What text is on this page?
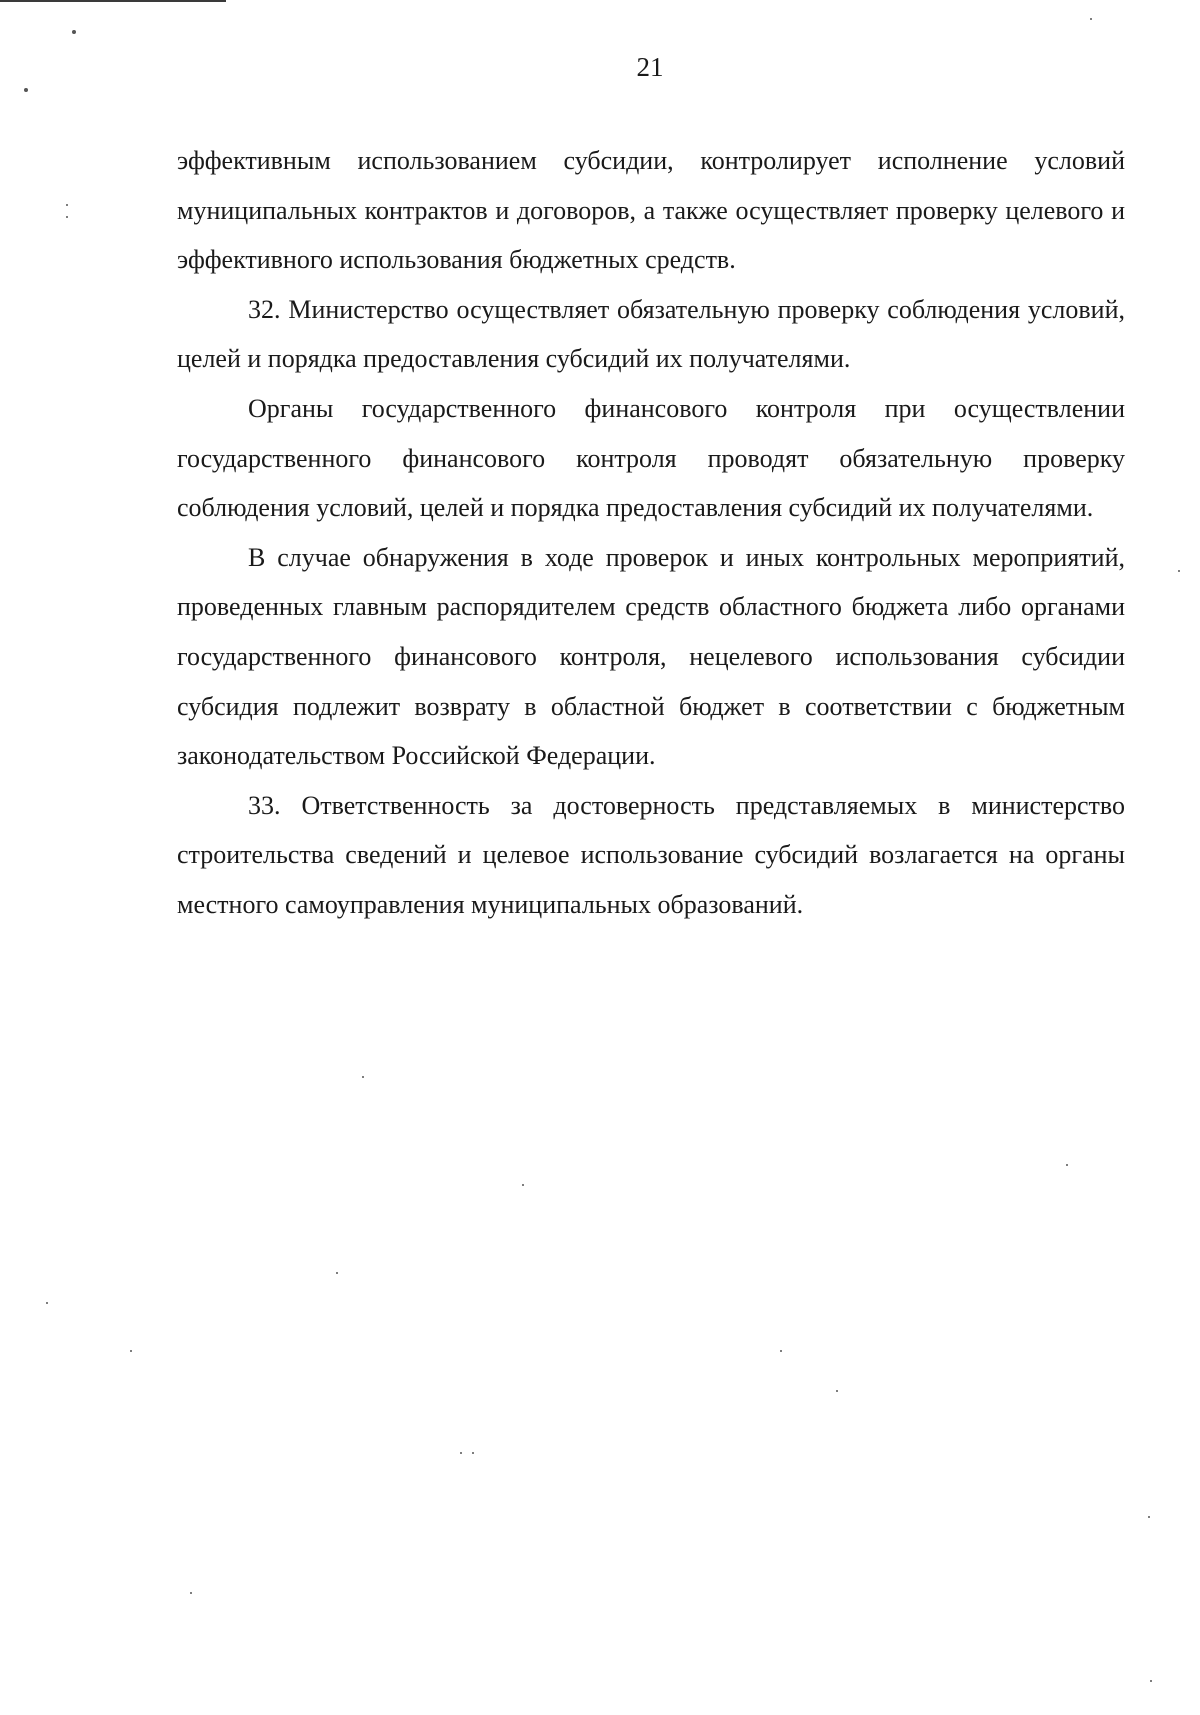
21

эффективным использованием субсидии, контролирует исполнение условий муниципальных контрактов и договоров, а также осуществляет проверку целевого и эффективного использования бюджетных средств.

32. Министерство осуществляет обязательную проверку соблюдения условий, целей и порядка предоставления субсидий их получателями.

Органы государственного финансового контроля при осуществлении государственного финансового контроля проводят обязательную проверку соблюдения условий, целей и порядка предоставления субсидий их получателями.

В случае обнаружения в ходе проверок и иных контрольных мероприятий, проведенных главным распорядителем средств областного бюджета либо органами государственного финансового контроля, нецелевого использования субсидии субсидия подлежит возврату в областной бюджет в соответствии с бюджетным законодательством Российской Федерации.

33. Ответственность за достоверность представляемых в министерство строительства сведений и целевое использование субсидий возлагается на органы местного самоуправления муниципальных образований.
